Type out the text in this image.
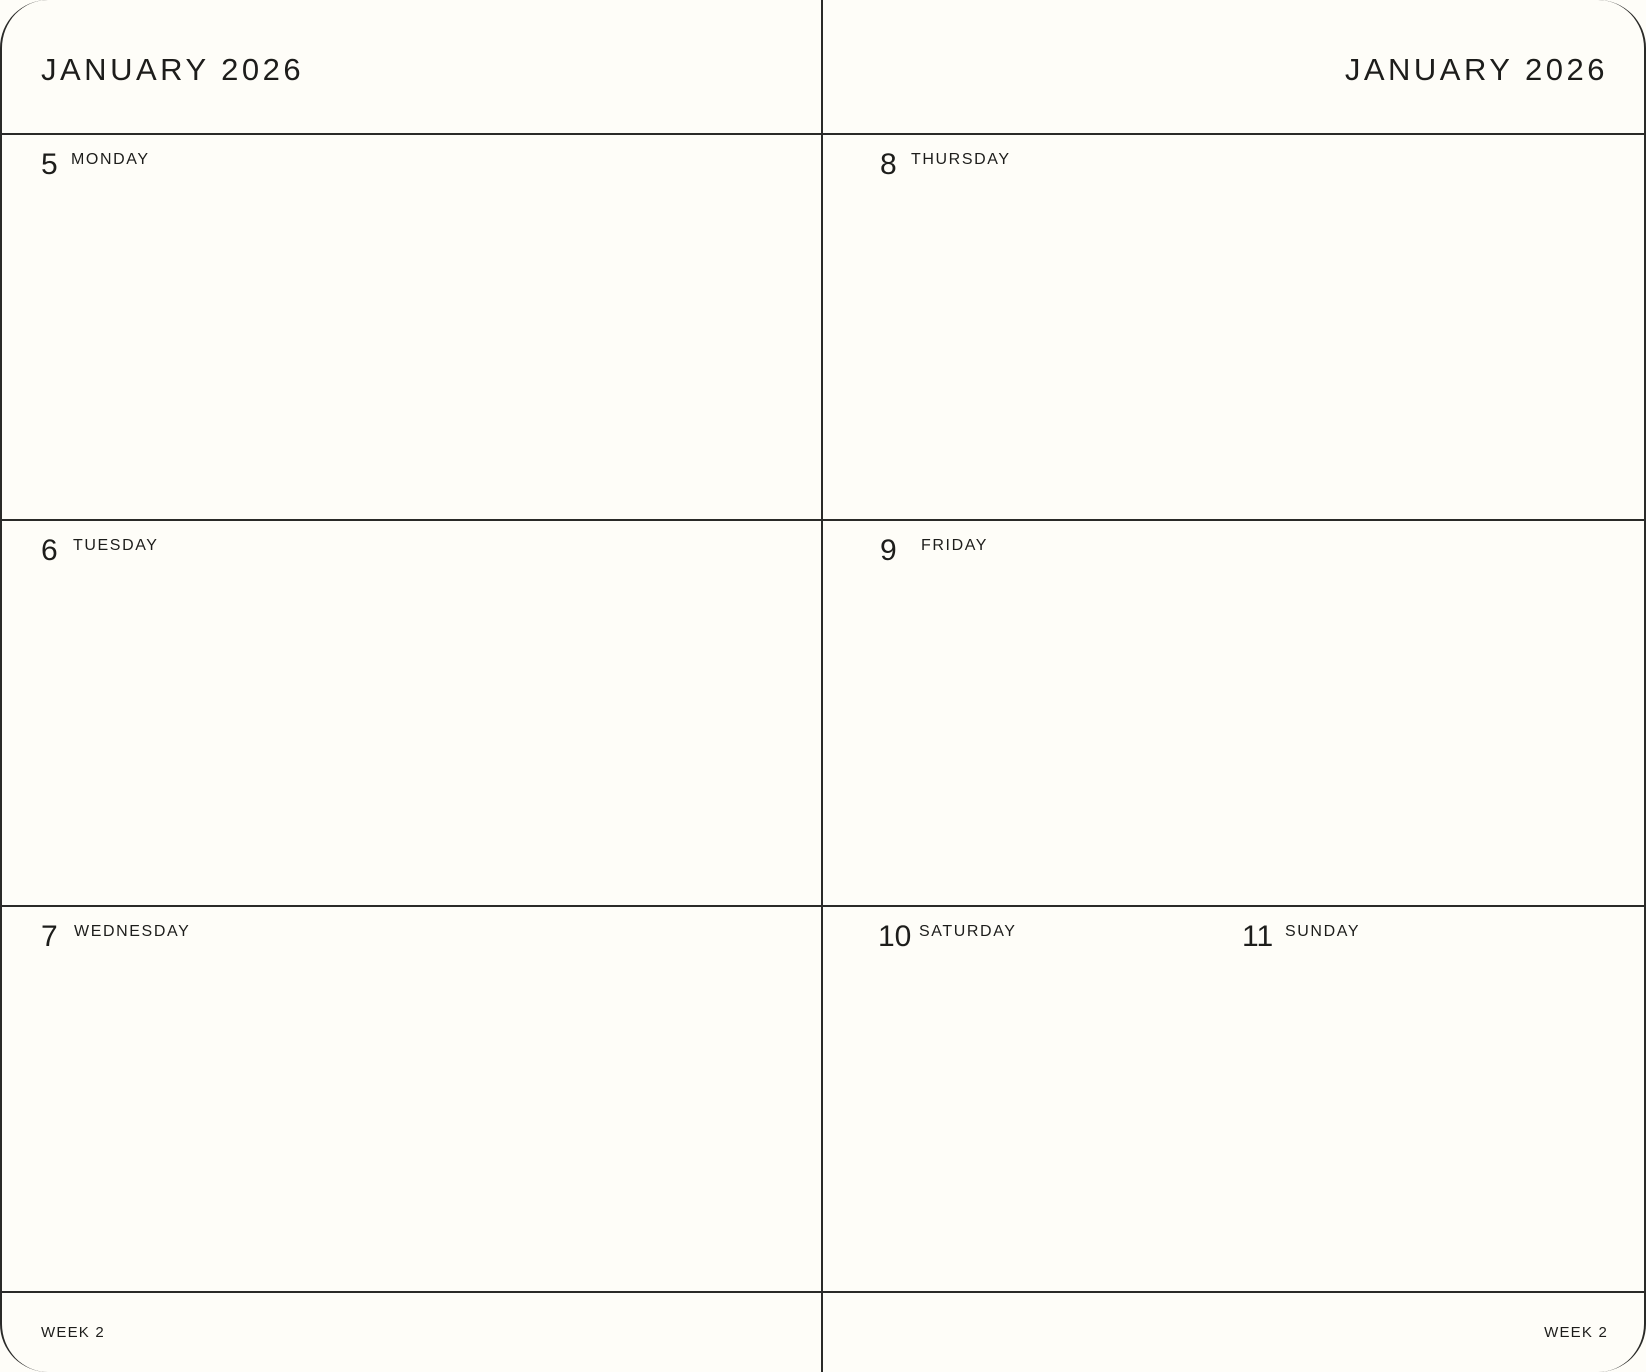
JANUARY 2026	JANUARY 2026
5 MONDAY
6 TUESDAY
7 WEDNESDAY
8 THURSDAY
9 FRIDAY
10 SATURDAY	11 SUNDAY
WEEK 2	WEEK 2
